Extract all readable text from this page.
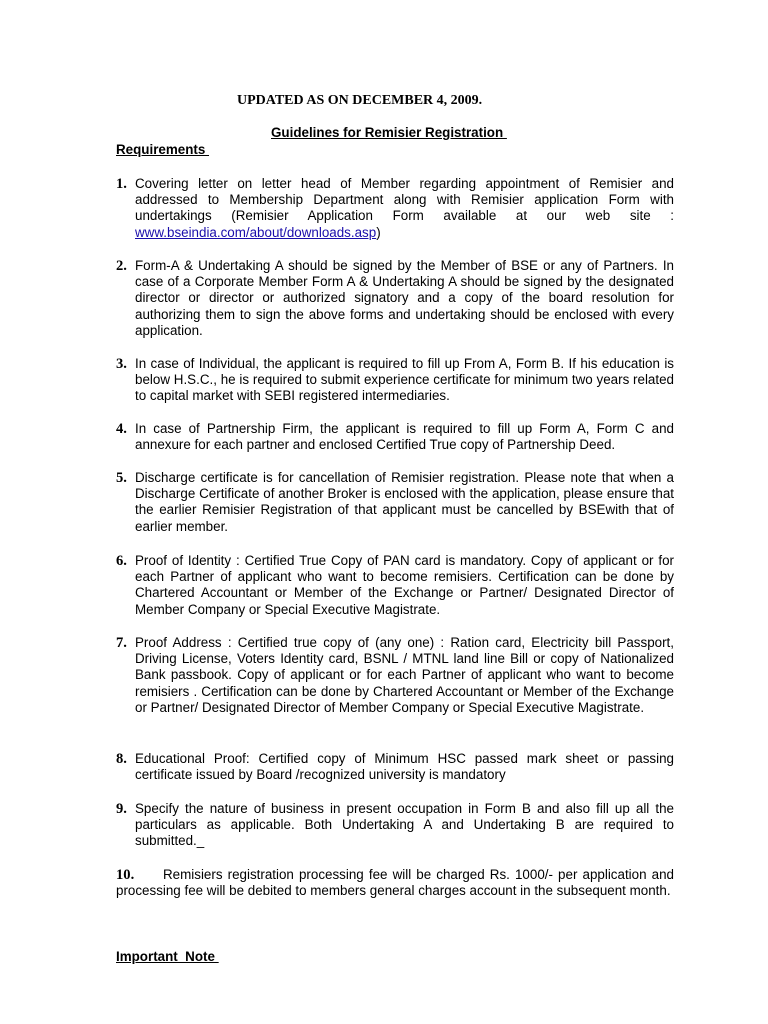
UPDATED AS ON DECEMBER 4, 2009.
Guidelines for Remisier Registration
Requirements
1. Covering letter on letter head of Member regarding appointment of Remisier and addressed to Membership Department along with Remisier application Form with undertakings (Remisier Application Form available at our web site : www.bseindia.com/about/downloads.asp)
2. Form-A & Undertaking A should be signed by the Member of BSE or any of Partners. In case of a Corporate Member Form A & Undertaking A should be signed by the designated director or director or authorized signatory and a copy of the board resolution for authorizing them to sign the above forms and undertaking should be enclosed with every application.
3. In case of Individual, the applicant is required to fill up From A, Form B. If his education is below H.S.C., he is required to submit experience certificate for minimum two years related to capital market with SEBI registered intermediaries.
4. In case of Partnership Firm, the applicant is required to fill up Form A, Form C and annexure for each partner and enclosed Certified True copy of Partnership Deed.
5. Discharge certificate is for cancellation of Remisier registration. Please note that when a Discharge Certificate of another Broker is enclosed with the application, please ensure that the earlier Remisier Registration of that applicant must be cancelled by BSEwith that of earlier member.
6. Proof of Identity : Certified True Copy of PAN card is mandatory. Copy of applicant or for each Partner of applicant who want to become remisiers. Certification can be done by Chartered Accountant or Member of the Exchange or Partner/ Designated Director of Member Company or Special Executive Magistrate.
7. Proof Address : Certified true copy of (any one) : Ration card, Electricity bill Passport, Driving License, Voters Identity card, BSNL / MTNL land line Bill or copy of Nationalized Bank passbook. Copy of applicant or for each Partner of applicant who want to become remisiers . Certification can be done by Chartered Accountant or Member of the Exchange or Partner/ Designated Director of Member Company or Special Executive Magistrate.
8. Educational Proof: Certified copy of Minimum HSC passed mark sheet or passing certificate issued by Board /recognized university is mandatory
9. Specify the nature of business in present occupation in Form B and also fill up all the particulars as applicable. Both Undertaking A and Undertaking B are required to submitted._
10.	Remisiers registration processing fee will be charged Rs. 1000/- per application and processing fee will be debited to members general charges account in the subsequent month.
Important  Note
